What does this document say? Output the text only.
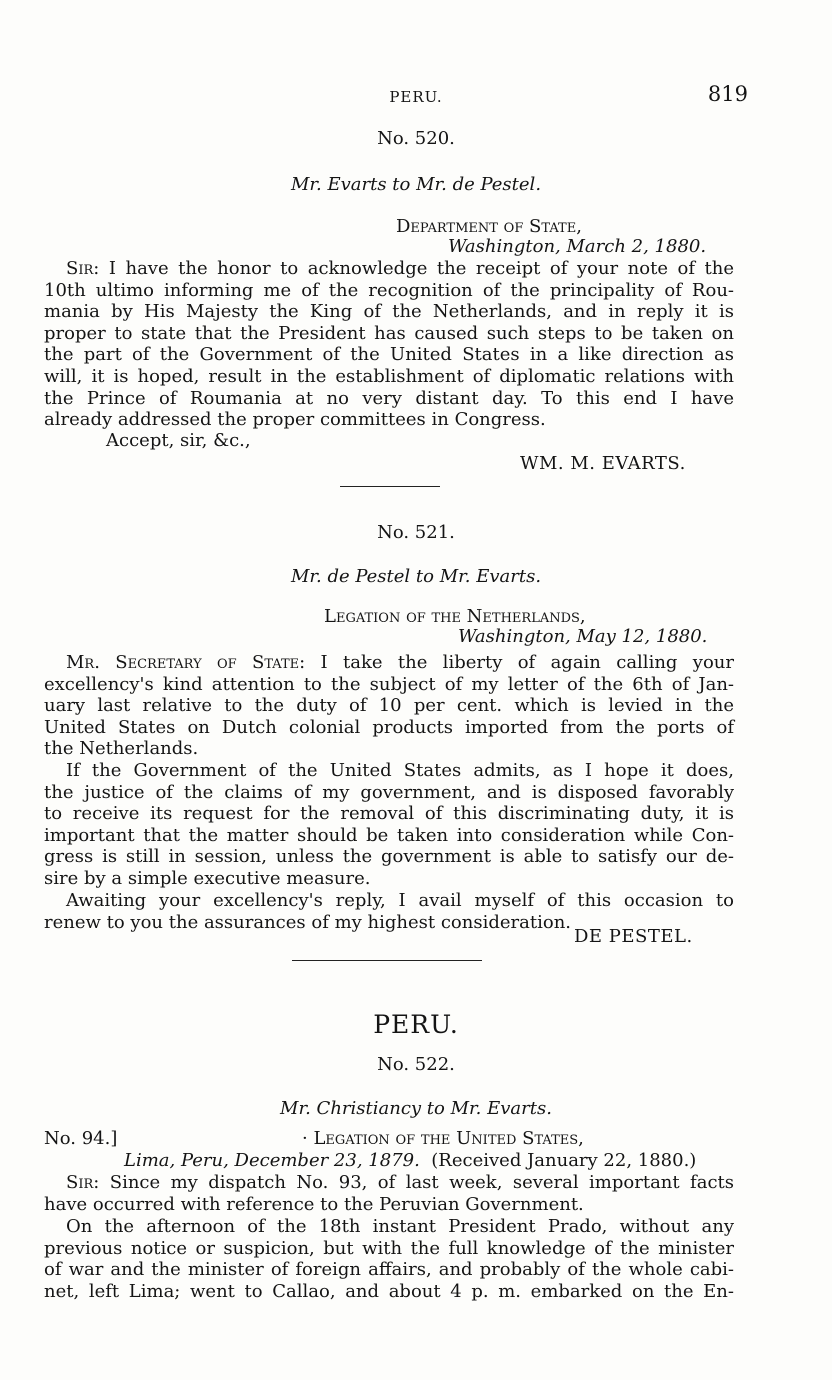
PERU.	819
No. 520.
Mr. Evarts to Mr. de Pestel.
Department of State,
Washington, March 2, 1880.
Sir: I have the honor to acknowledge the receipt of your note of the
10th ultimo informing me of the recognition of the principality of Rou-
mania by His Majesty the King of the Netherlands, and in reply it is
proper to state that the President has caused such steps to be taken on
the part of the Government of the United States in a like direction as
will, it is hoped, result in the establishment of diplomatic relations with
the Prince of Roumania at no very distant day. To this end I have
already addressed the proper committees in Congress.
Accept, sir, &c.,
WM. M. EVARTS.
No. 521.
Mr. de Pestel to Mr. Evarts.
Legation of the Netherlands,
Washington, May 12, 1880.
Mr. Secretary of State: I take the liberty of again calling your
excellency's kind attention to the subject of my letter of the 6th of Jan-
uary last relative to the duty of 10 per cent. which is levied in the
United States on Dutch colonial products imported from the ports of
the Netherlands.
If the Government of the United States admits, as I hope it does,
the justice of the claims of my government, and is disposed favorably
to receive its request for the removal of this discriminating duty, it is
important that the matter should be taken into consideration while Con-
gress is still in session, unless the government is able to satisfy our de-
sire by a simple executive measure.
Awaiting your excellency's reply, I avail myself of this occasion to
renew to you the assurances of my highest consideration.
DE PESTEL.
PERU.
No. 522.
Mr. Christiancy to Mr. Evarts.
No. 94.]	· Legation of the United States,
Lima, Peru, December 23, 1879. (Received January 22, 1880.)
Sir: Since my dispatch No. 93, of last week, several important facts
have occurred with reference to the Peruvian Government.
On the afternoon of the 18th instant President Prado, without any
previous notice or suspicion, but with the full knowledge of the minister
of war and the minister of foreign affairs, and probably of the whole cabi-
net, left Lima; went to Callao, and about 4 p. m. embarked on the En-
